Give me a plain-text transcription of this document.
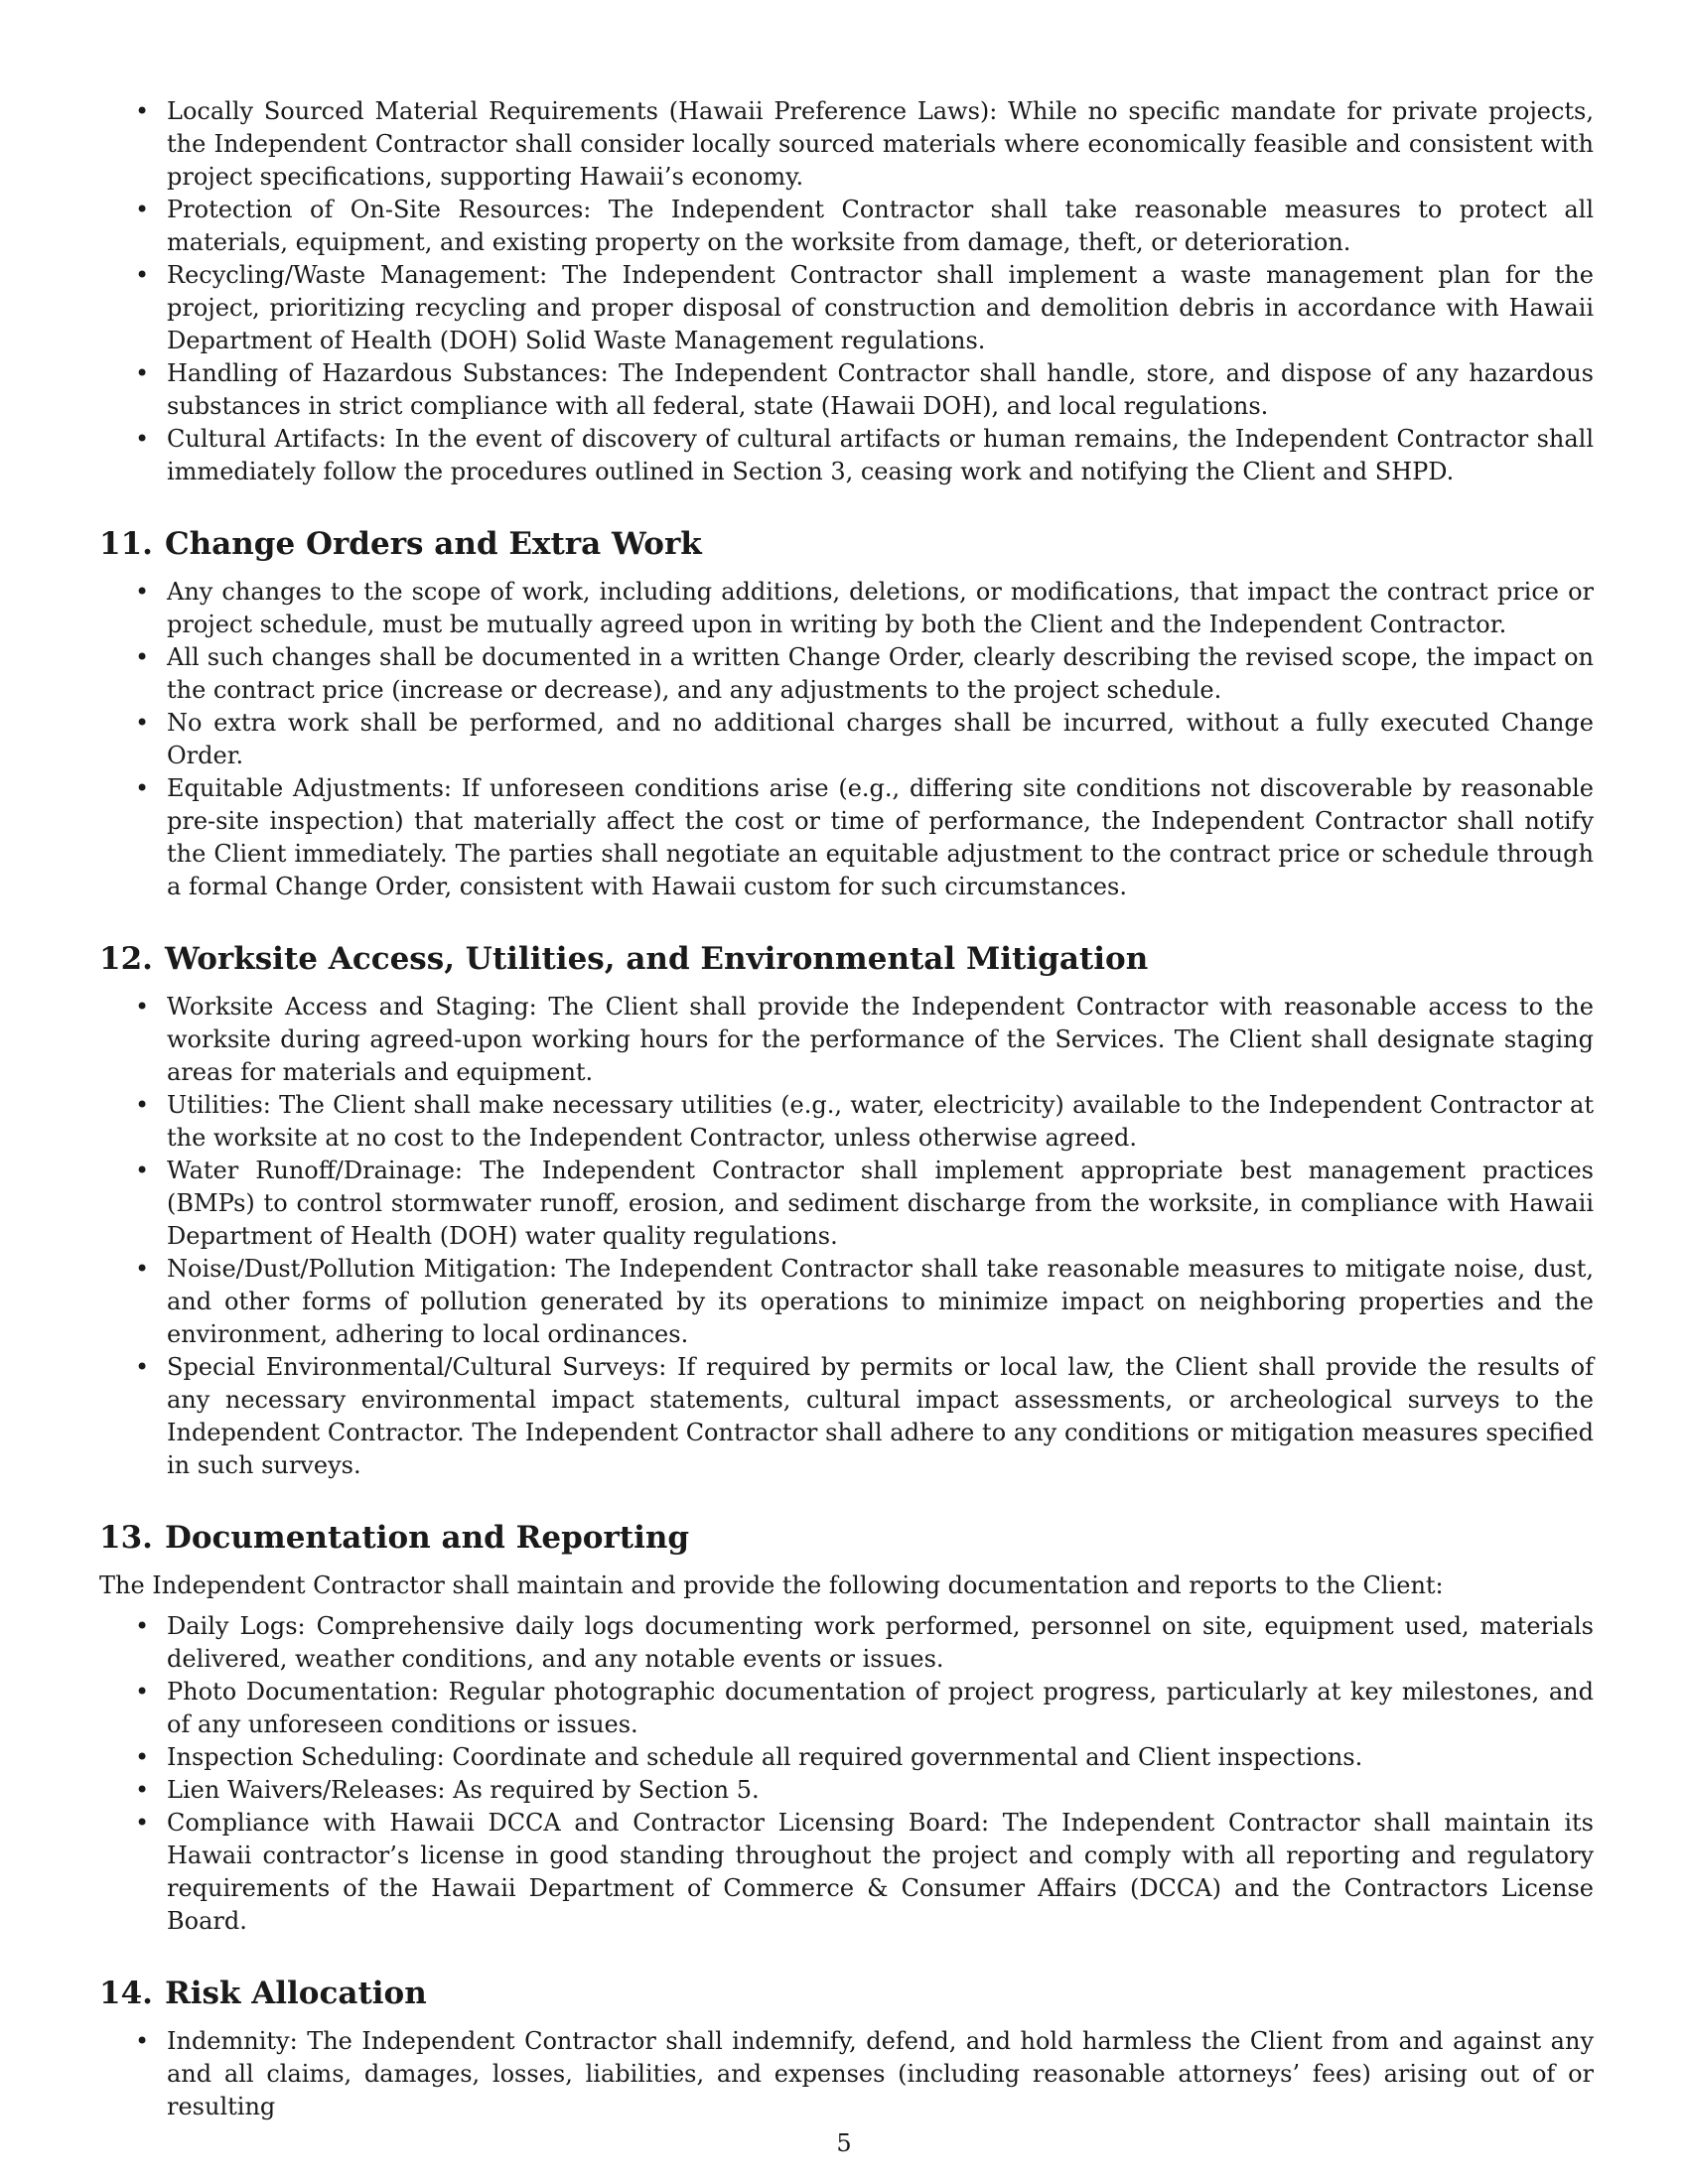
• Locally Sourced Material Requirements (Hawaii Preference Laws): While no specific mandate for private projects, the Independent Contractor shall consider locally sourced materials where economically feasible and consistent with project specifications, supporting Hawaii’s economy.
• Protection of On-Site Resources: The Independent Contractor shall take reasonable measures to protect all materials, equipment, and existing property on the worksite from damage, theft, or deterioration.
• Recycling/Waste Management: The Independent Contractor shall implement a waste management plan for the project, prioritizing recycling and proper disposal of construction and demolition debris in accordance with Hawaii Department of Health (DOH) Solid Waste Management regulations.
• Handling of Hazardous Substances: The Independent Contractor shall handle, store, and dispose of any hazardous substances in strict compliance with all federal, state (Hawaii DOH), and local regulations.
• Cultural Artifacts: In the event of discovery of cultural artifacts or human remains, the Independent Contractor shall immediately follow the procedures outlined in Section 3, ceasing work and notifying the Client and SHPD.
11. Change Orders and Extra Work
• Any changes to the scope of work, including additions, deletions, or modifications, that impact the contract price or project schedule, must be mutually agreed upon in writing by both the Client and the Independent Contractor.
• All such changes shall be documented in a written Change Order, clearly describing the revised scope, the impact on the contract price (increase or decrease), and any adjustments to the project schedule.
• No extra work shall be performed, and no additional charges shall be incurred, without a fully executed Change Order.
• Equitable Adjustments: If unforeseen conditions arise (e.g., differing site conditions not discoverable by reasonable pre-site inspection) that materially affect the cost or time of performance, the Independent Contractor shall notify the Client immediately. The parties shall negotiate an equitable adjustment to the contract price or schedule through a formal Change Order, consistent with Hawaii custom for such circumstances.
12. Worksite Access, Utilities, and Environmental Mitigation
• Worksite Access and Staging: The Client shall provide the Independent Contractor with reasonable access to the worksite during agreed-upon working hours for the performance of the Services. The Client shall designate staging areas for materials and equipment.
• Utilities: The Client shall make necessary utilities (e.g., water, electricity) available to the Independent Contractor at the worksite at no cost to the Independent Contractor, unless otherwise agreed.
• Water Runoff/Drainage: The Independent Contractor shall implement appropriate best management practices (BMPs) to control stormwater runoff, erosion, and sediment discharge from the worksite, in compliance with Hawaii Department of Health (DOH) water quality regulations.
• Noise/Dust/Pollution Mitigation: The Independent Contractor shall take reasonable measures to mitigate noise, dust, and other forms of pollution generated by its operations to minimize impact on neighboring properties and the environment, adhering to local ordinances.
• Special Environmental/Cultural Surveys: If required by permits or local law, the Client shall provide the results of any necessary environmental impact statements, cultural impact assessments, or archeological surveys to the Independent Contractor. The Independent Contractor shall adhere to any conditions or mitigation measures specified in such surveys.
13. Documentation and Reporting

The Independent Contractor shall maintain and provide the following documentation and reports to the Client:

• Daily Logs: Comprehensive daily logs documenting work performed, personnel on site, equipment used, materials delivered, weather conditions, and any notable events or issues.
• Photo Documentation: Regular photographic documentation of project progress, particularly at key milestones, and of any unforeseen conditions or issues.
• Inspection Scheduling: Coordinate and schedule all required governmental and Client inspections.
• Lien Waivers/Releases: As required by Section 5.
• Compliance with Hawaii DCCA and Contractor Licensing Board: The Independent Contractor shall maintain its Hawaii contractor’s license in good standing throughout the project and comply with all reporting and regulatory requirements of the Hawaii Department of Commerce & Consumer Affairs (DCCA) and the Contractors License Board.
14. Risk Allocation
• Indemnity: The Independent Contractor shall indemnify, defend, and hold harmless the Client from and against any and all claims, damages, losses, liabilities, and expenses (including reasonable attorneys’ fees) arising out of or resulting
5
